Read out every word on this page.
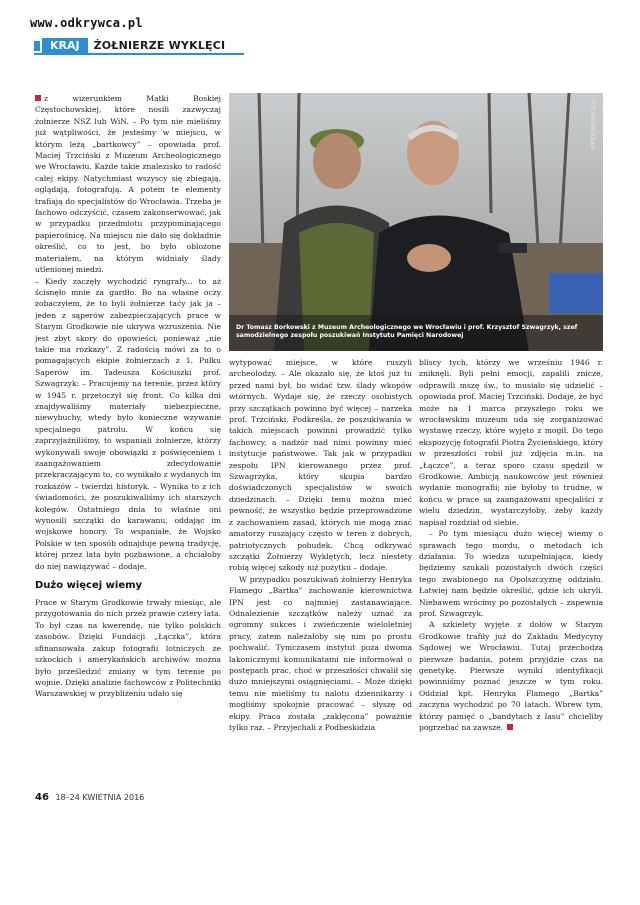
www.odkrywca.pl
KRAJ	ŻOŁNIERZE WYKLĘCI

z wizerunkiem Matki Boskiej Częstochowskiej, które nosili zazwyczaj żołnierze NSZ lub WiN. – Po tym nie mieliśmy już wątpliwości, że jesteśmy w miejscu, w którym leżą „bartkowcy” – opowiada prof. Maciej Trzciński z Muzeum Archeologicznego we Wrocławiu. Każde takie znalezisko to radość całej ekipy. Natychmiast wszyscy się zbiegają, oglądają, fotografują. A potem te elementy trafiają do specjalistów do Wrocławia. Trzeba je fachowo odczyścić, czasem zakonserwować, jak w przypadku przedmiotu przypominającego papierośnicę. Na miejscu nie dało się dokładnie określić, co to jest, bo było oblożone materiałem, na którym widniały ślady utlenionej miedzi.

– Kiedy zaczęły wychodzić ryngrafy... to aż ścisnęło mnie za gardło. Bo na własne oczy zobaczyłem, że to byli żołnierze taćy jak ja – jeden z sąperów zabezpieczających prace w Starym Grodkowie nie ukrywa wzruszenia. Nie jest zbyt skory do opowieści, ponieważ „nie takie ma rozkazy”. Z radością mówi za to o pomagających ekipie żołnierzach z 1. Pułku Saperów im. Tadeusza Kościuszki prof. Szwagrzyk: – Pracujemy na terenie, przez który w 1945 r. przetoczył się front. Co kilka dni znajdywaliśmy materiały niebezpieczne, niewybuchy, wtedy było konieczne wzywanie specjalnego patrolu. W końcu się zaprzyjaźniliśmy, to wspaniali żołnierze, którzy wykonywali swoje obowiązki z poświęceniem i zaangażowaniem zdecydowanie przekraczającym to, co wynikało z wydanych im rozkazów – twierdzi historyk. – Wynika to z ich świadomości, że poszukiwaliśmy ich starszych kolegów. Ostatniego dnia to właśnie oni wynosili szczątki do karawanu, oddając im wojskowe honory. To wspaniałe, że Wojsko Polskie w ten sposób odnajduje pewną tradycję, której przez lata było pozbawione, a chciałoby do niej nawiązywać – dodaje.

Dużo więcej wiemy

Prace w Starym Grodkowie trwały miesiąc, ale przygotowania do nich przez prawie cztery lata. To był czas na kwerendę, nie tylko polskich zasobów. Dzięki Fundacji „Łączka”, która sfinansowała zakup fotografii lotniczych ze szkockich i amerykańskich archiwów można było prześledzić zmiany w tym terenie po wojnie. Dzięki analizie fachowców z Politechniki Warszawskiej w przybliżeniu udało się

Dr Tomasz Borkowski z Muzeum Archeologicznego we Wrocławiu i prof. Krzysztof Szwagrzyk, szef samodzielnego zespołu poszukiwań Instytutu Pamięci Narodowej
FOT. IPN WROCŁAW

wytypować miejsce, w które ruszyli archeolodzy. – Ale okazało się, że ktoś już tu przed nami był, bo widać tzw. ślady wkopów wtórnych. Wydaje się, że rzeczy osobistych przy szczątkach powinno być więcej – narzeka prof. Trzciński. Podkreśla, że poszukiwania w takich miejscach powinni prowadzić tylko fachowcy, a nadzór nad nimi powinny mieć instytucje państwowe. Tak jak w przypadku zespołu IPN kierowanego przez prof. Szwagrzyka, który skupia bardzo doświadczonych specjalistów w swoich dziedzinach. – Dzięki temu można mieć pewność, że wszystko będzie przeprowadzone z zachowaniem zasad, których nie mogą znać amatorzy ruszający często w teren z dobrych, patriotycznych pobudek. Chcą odkrywać szczątki Żołnierzy Wyklętych, lecz niestety robią więcej szkody niż pożytku – dodaje.

W przypadku poszukiwań żołnierzy Henryka Flamego „Bartka” zachowanie kierownictwa IPN jest co najmniej zastanawiające. Odnalezienie szczątków należy uznać za ogromny sukces i zwieńczenie wieloletniej pracy, zatem należałoby się nim po prostu pochwalić. Tymczasem instytut poza dwoma lakonicznymi komunikatami nie informował o postępach prac, choć w przeszłości chwalił się dużo mniejszymi osiągnięciami. – Może dzięki temu nie mieliśmy tu nalotu dziennikarzy i mogliśmy spokojnie pracować – słyszę od ekipy. Praca została „zaklęcona” poważnie tylko raz. – Przyjechali z Podbeskidzia

bliscy tych, którzy we wrześniu 1946 r. zniknęli. Byli pełni emocji, zapalili znicze, odprawili mszę św., to musiało się udzielić – opowiada prof. Maciej Trzciński. Dodaje, że być może na 1 marca przyszłego roku we wrocławskim muzeum uda się zorganizować wystawę rzeczy, które wyjęto z mogił. Do tego ekspozycję fotografii Piotra Życieńskiego, który w przeszłości robił już zdjęcia m.in. na „Łączce”, a teraz sporo czasu spędził w Grodkowie. Ambicją naukowców jest również wydanie monografii; nie byłoby to trudne, w końcu w prace są zaangażowani specjaliści z wielu dziedzin, wystarczyłoby, żeby każdy napisał rozdział od siebie.

– Po tym miesiącu dużo więcej wiemy o sprawach tego mordu, o metodach ich działania. To wiedza uzupełniająca, kiedy będziemy szukali pozostałych dwóch części tego zwabionego na Opolszczyznę oddziału. Łatwiej nam będzie określić, gdzie ich ukryli. Niebawem wrócimy po pozostałych – zapewnia prof. Szwagrzyk.

A szkielety wyjęte z dołów w Starym Grodkowie trafiły już do Zakładu Medycyny Sądowej we Wrocławiu. Tutaj przechodzą pierwsze badania, potem przyjdzie czas na genetykę. Pierwsze wyniki identyfikacji powinniśmy poznać jeszcze w tym roku. Oddział kpt. Henryka Flamego „Bartka” zaczyna wychodzić po 70 latach. Wbrew tym, którzy pamięć o „bandytach z lasu” chcieliby pogrzebać na zawsze.

46 18–24 KWIETNIA 2016
